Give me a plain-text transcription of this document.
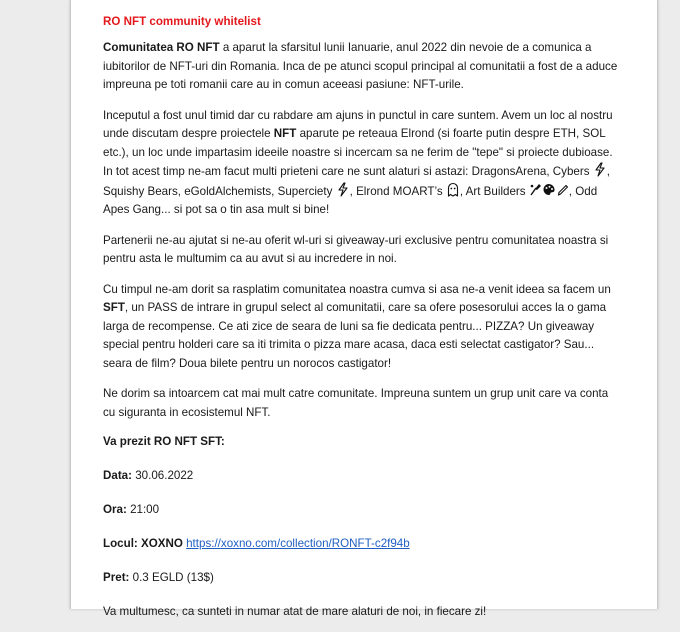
RO NFT community whitelist

Comunitatea RO NFT a aparut la sfarsitul lunii Ianuarie, anul 2022 din nevoie de a comunica a iubitorilor de NFT-uri din Romania. Inca de pe atunci scopul principal al comunitatii a fost de a aduce impreuna pe toti romanii care au in comun aceeasi pasiune: NFT-urile.

Inceputul a fost unul timid dar cu rabdare am ajuns in punctul in care suntem. Avem un loc al nostru unde discutam despre proiectele NFT aparute pe reteaua Elrond (si foarte putin despre ETH, SOL etc.), un loc unde impartasim ideeile noastre si incercam sa ne ferim de "tepe" si proiecte dubioase. In tot acest timp ne-am facut multi prieteni care ne sunt alaturi si astazi: DragonsArena, Cybers
, Squishy Bears, eGoldAlchemists, Superciety
, Elrond MOART’s
, Art Builders	, Odd Apes Gang... si pot sa o tin asa mult si bine!

Partenerii ne-au ajutat si ne-au oferit wl-uri si giveaway-uri exclusive pentru comunitatea noastra si pentru asta le multumim ca au avut si au incredere in noi.

Cu timpul ne-am dorit sa rasplatim comunitatea noastra cumva si asa ne-a venit ideea sa facem un SFT, un PASS de intrare in grupul select al comunitatii, care sa ofere posesorului acces la o gama larga de recompense. Ce ati zice de seara de luni sa fie dedicata pentru... PIZZA? Un giveaway special pentru holderi care sa iti trimita o pizza mare acasa, daca esti selectat castigator? Sau... seara de film? Doua bilete pentru un norocos castigator!

Ne dorim sa intoarcem cat mai mult catre comunitate. Impreuna suntem un grup unit care va conta cu siguranta in ecosistemul NFT.

Va prezit RO NFT SFT:
Data: 30.06.2022
Ora: 21:00
Locul: XOXNO https://xoxno.com/collection/RONFT-c2f94b
Pret: 0.3 EGLD (13$)
Va multumesc, ca sunteti in numar atat de mare alaturi de noi, in fiecare zi!
